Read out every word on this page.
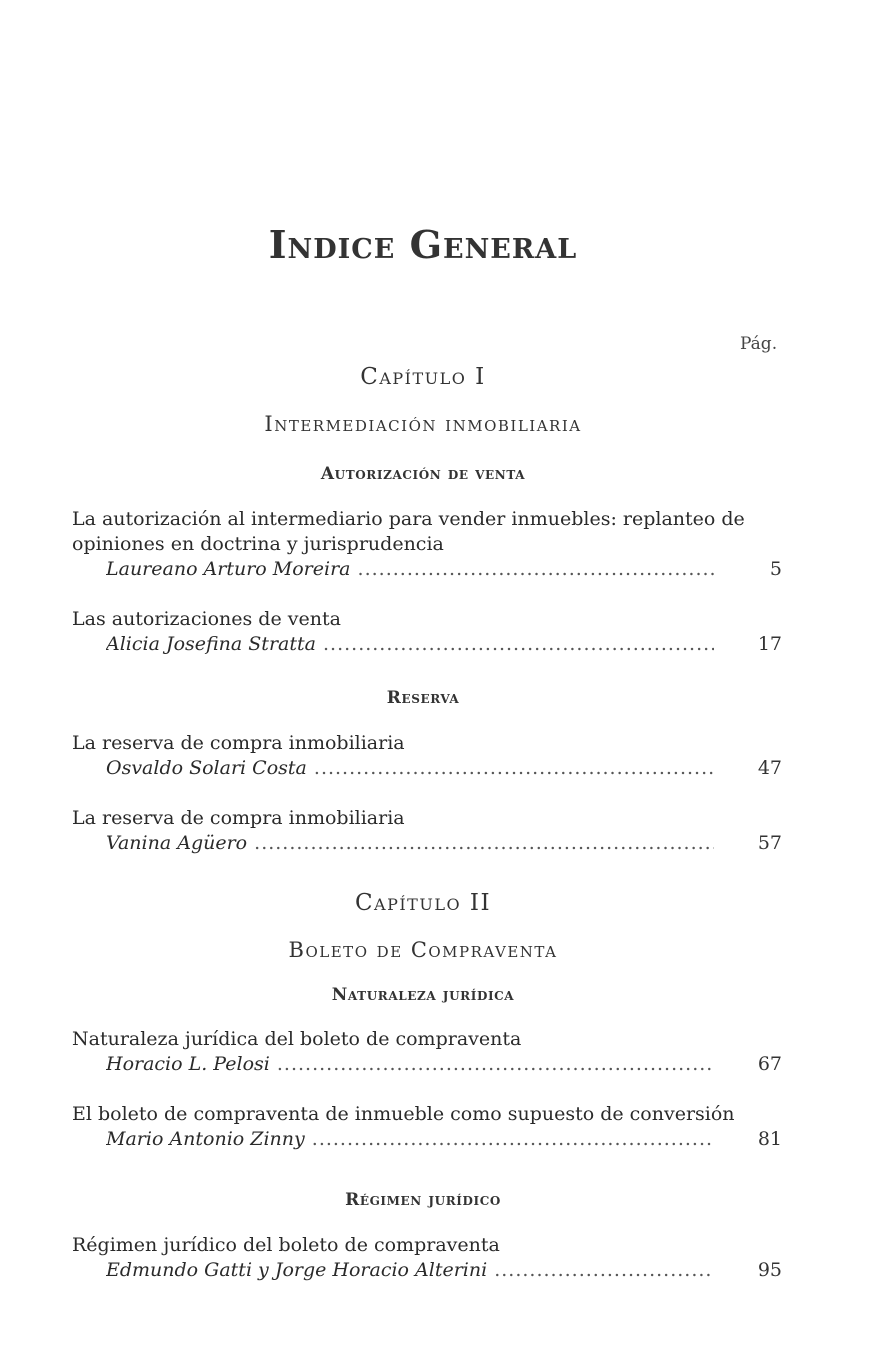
Indice General
Pág.
Capítulo I
Intermediación inmobiliaria
Autorización de venta
La autorización al intermediario para vender inmuebles: replanteo de opiniones en doctrina y jurisprudencia
Laureano Arturo Moreira .....	5
Las autorizaciones de venta
Alicia Josefina Stratta .....	17
Reserva
La reserva de compra inmobiliaria
Osvaldo Solari Costa .....	47
La reserva de compra inmobiliaria
Vanina Agüero .....	57
Capítulo II
Boleto de Compraventa
Naturaleza jurídica
Naturaleza jurídica del boleto de compraventa
Horacio L. Pelosi .....	67
El boleto de compraventa de inmueble como supuesto de conversión
Mario Antonio Zinny .....	81
Régimen jurídico
Régimen jurídico del boleto de compraventa
Edmundo Gatti y Jorge Horacio Alterini .....	95
